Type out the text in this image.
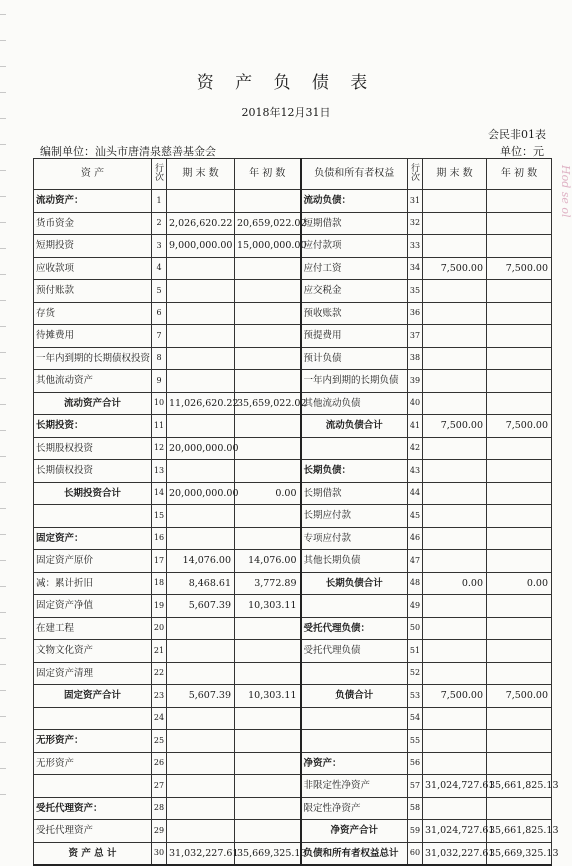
资 产 负 债 表
2018年12月31日
会民非01表
编制单位：汕头市唐清泉慈善基金会	单位：元
Hod se ol
资 产	行次	期 末 数	年 初 数	负债和所有者权益	行次	期 末 数	年 初 数
流动资产：	1			流动负债：	31		
货币资金	2	2,026,620.22	20,659,022.02	短期借款	32		
短期投资	3	9,000,000.00	15,000,000.00	应付款项	33		
应收款项	4			应付工资	34	7,500.00	7,500.00
预付账款	5			应交税金	35		
存货	6			预收账款	36		
待摊费用	7			预提费用	37		
一年内到期的长期债权投资	8			预计负债	38		
其他流动资产	9			一年内到期的长期负债	39		
流动资产合计	10	11,026,620.22	35,659,022.02	其他流动负债	40		
长期投资：	11			流动负债合计	41	7,500.00	7,500.00
长期股权投资	12	20,000,000.00			42		
长期债权投资	13			长期负债：	43		
长期投资合计	14	20,000,000.00	0.00	长期借款	44		
	15			长期应付款	45		
固定资产：	16			专项应付款	46		
固定资产原价	17	14,076.00	14,076.00	其他长期负债	47		
减：累计折旧	18	8,468.61	3,772.89	长期负债合计	48	0.00	0.00
固定资产净值	19	5,607.39	10,303.11		49		
在建工程	20			受托代理负债：	50		
文物文化资产	21			受托代理负债	51		
固定资产清理	22				52		
固定资产合计	23	5,607.39	10,303.11	负债合计	53	7,500.00	7,500.00
	24				54		
无形资产：	25				55		
无形资产	26			净资产：	56		
	27			非限定性净资产	57	31,024,727.61	35,661,825.13
受托代理资产：	28			限定性净资产	58		
受托代理资产	29			净资产合计	59	31,024,727.61	35,661,825.13
资 产 总 计	30	31,032,227.61	35,669,325.13	负债和所有者权益总计	60	31,032,227.61	35,669,325.13
